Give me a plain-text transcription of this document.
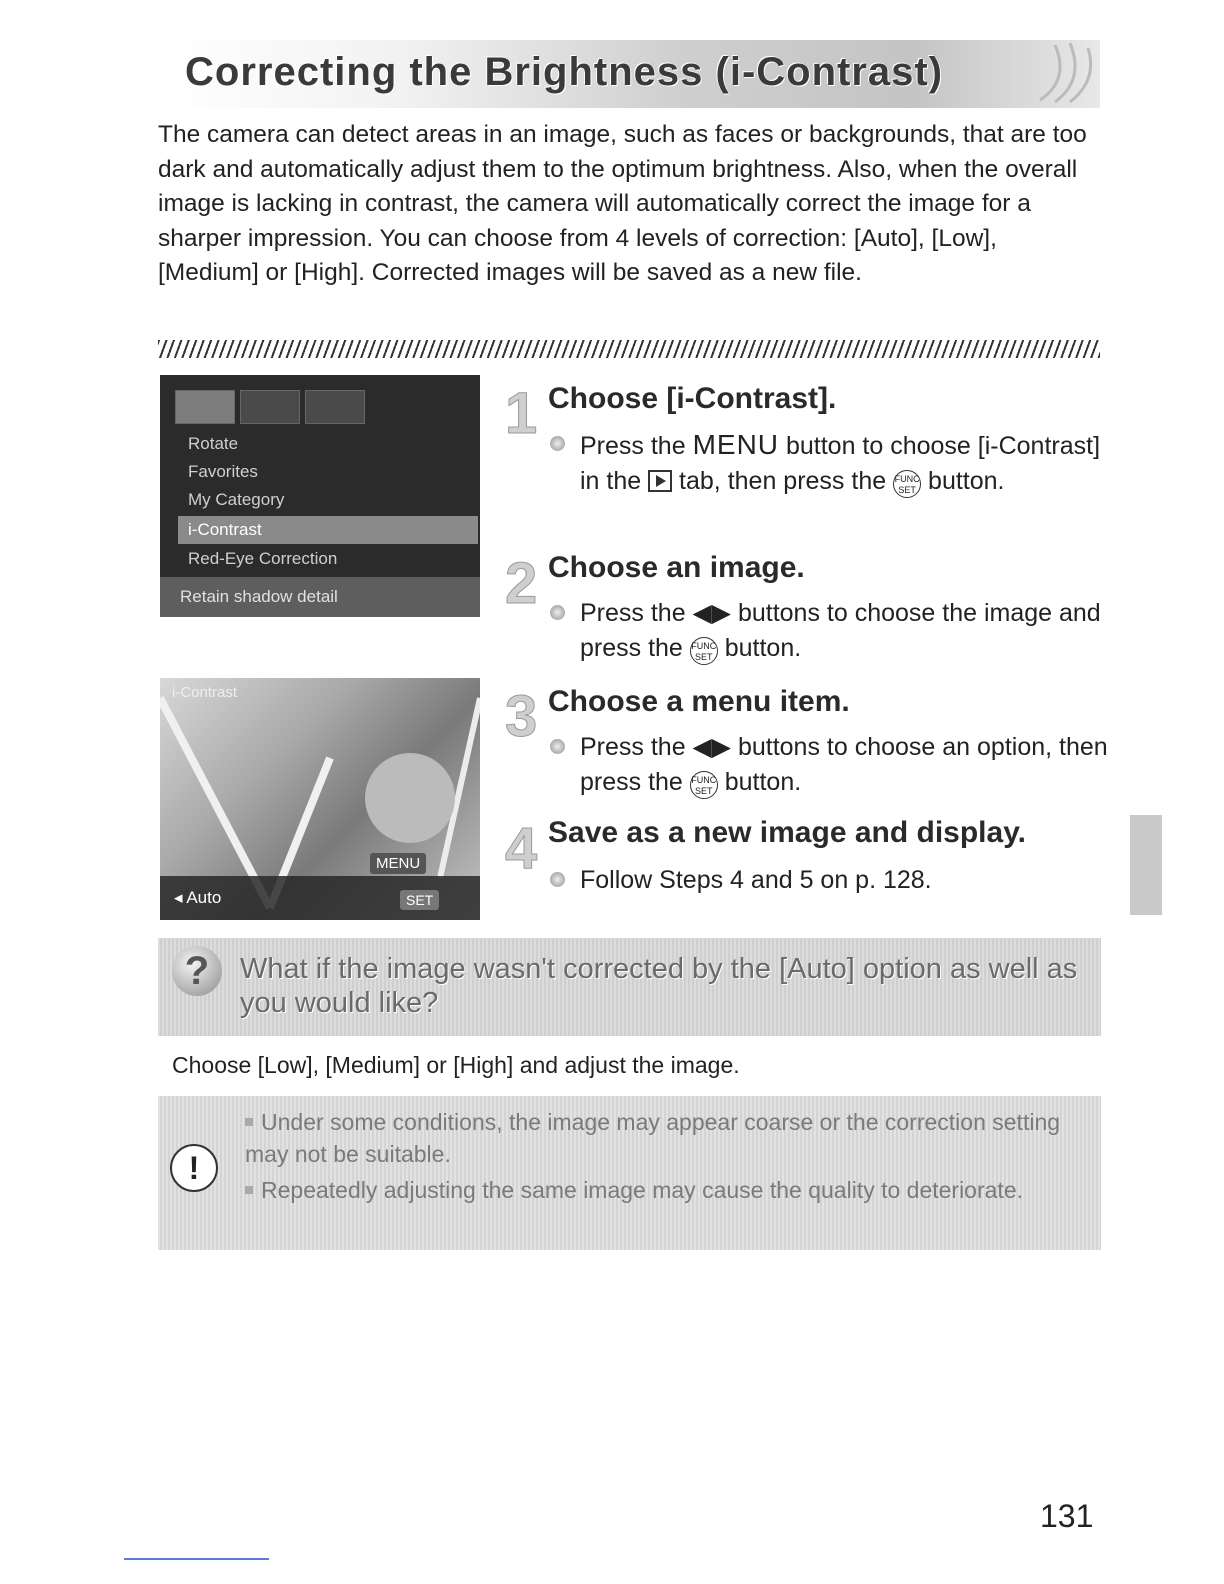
Correcting the Brightness (i-Contrast)
The camera can detect areas in an image, such as faces or backgrounds, that are too dark and automatically adjust them to the optimum brightness. Also, when the overall image is lacking in contrast, the camera will automatically correct the image for a sharper impression. You can choose from 4 levels of correction: [Auto], [Low], [Medium] or [High]. Corrected images will be saved as a new file.
Rotate
Favorites
My Category
i-Contrast
Red-Eye Correction
Retain shadow detail
i-Contrast
MENU
◂ Auto	SET
1 Choose [i-Contrast].
Press the MENU button to choose [i-Contrast] in the  tab, then press the FUNC
SET button.
2 Choose an image.
Press the ◀▶ buttons to choose the image and press the FUNC
SET button.
3 Choose a menu item.
Press the ◀▶ buttons to choose an option, then press the FUNC
SET button.
4 Save as a new image and display.
Follow Steps 4 and 5 on p. 128.
?	What if the image wasn't corrected by the [Auto] option as well as you would like?
Choose [Low], [Medium] or [High] and adjust the image.
!
Under some conditions, the image may appear coarse or the correction setting may not be suitable.
Repeatedly adjusting the same image may cause the quality to deteriorate.
131
